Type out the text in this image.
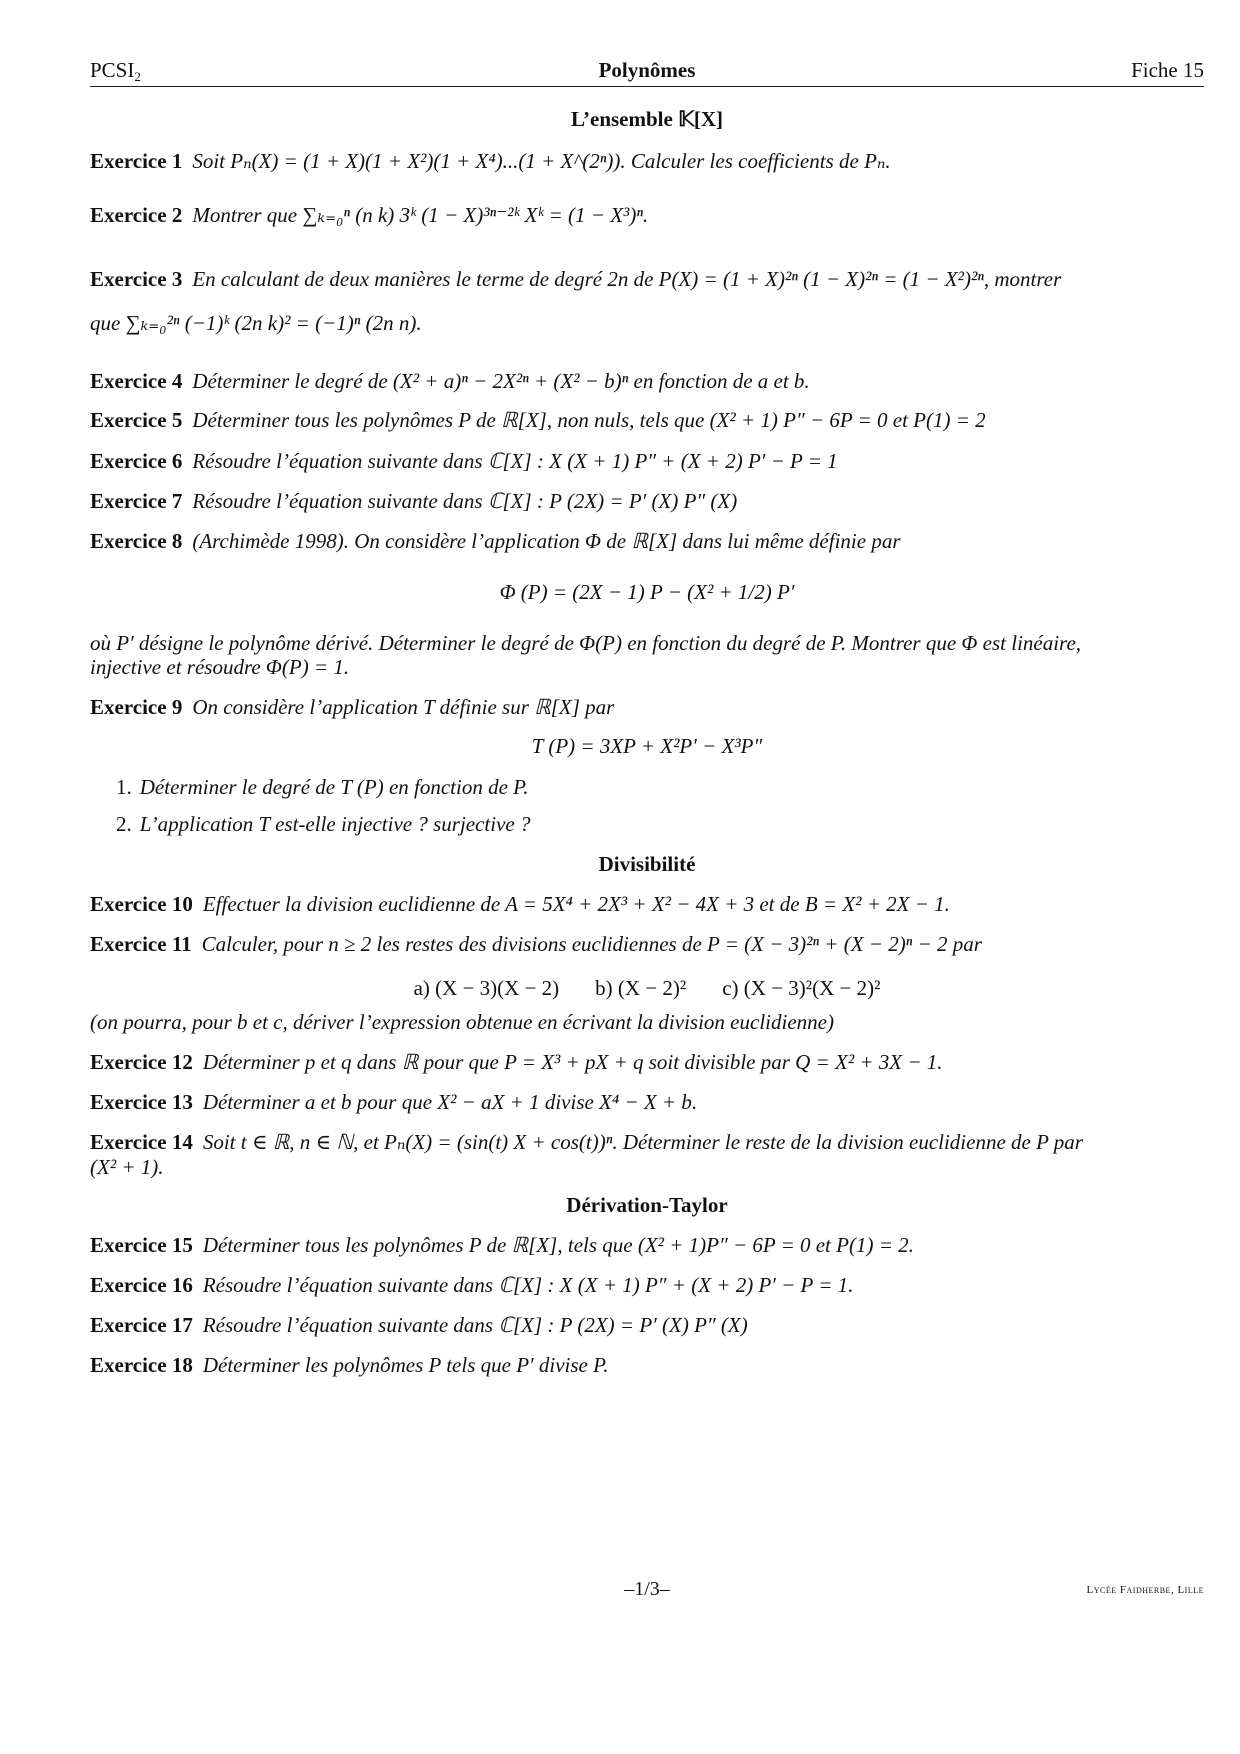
$PCSI_2$	Polynômes	Fiche 15
L’ensemble 𝕂[X]
Exercice 1 Soit Pₙ(X) = (1 + X)(1 + X²)(1 + X⁴)...(1 + X^(2ⁿ)). Calculer les coefficients de Pₙ.
Exercice 2 Montrer que ∑ₖ₌₀ⁿ (n k) 3ᵏ (1 − X)³ⁿ⁻²ᵏ Xᵏ = (1 − X³)ⁿ.
Exercice 3 En calculant de deux manières le terme de degré 2n de P(X) = (1 + X)²ⁿ (1 − X)²ⁿ = (1 − X²)²ⁿ, montrer
que ∑ₖ₌₀²ⁿ (−1)ᵏ (2n k)² = (−1)ⁿ (2n n).
Exercice 4 Déterminer le degré de (X² + a)ⁿ − 2X²ⁿ + (X² − b)ⁿ en fonction de a et b.
Exercice 5 Déterminer tous les polynômes P de ℝ[X], non nuls, tels que (X² + 1) P″ − 6P = 0 et P(1) = 2
Exercice 6 Résoudre l’équation suivante dans ℂ[X] : X (X + 1) P″ + (X + 2) P′ − P = 1
Exercice 7 Résoudre l’équation suivante dans ℂ[X] : P (2X) = P′ (X) P″ (X)
Exercice 8 (Archimède 1998). On considère l’application Φ de ℝ[X] dans lui même définie par
Φ (P) = (2X − 1) P − (X² + 1/2) P′
où P′ désigne le polynôme dérivé. Déterminer le degré de Φ(P) en fonction du degré de P. Montrer que Φ est linéaire,
injective et résoudre Φ(P) = 1.
Exercice 9 On considère l’application T définie sur ℝ[X] par
T (P) = 3XP + X²P′ − X³P″
1. Déterminer le degré de T (P) en fonction de P.
2. L’application T est-elle injective ? surjective ?
Divisibilité
Exercice 10 Effectuer la division euclidienne de A = 5X⁴ + 2X³ + X² − 4X + 3 et de B = X² + 2X − 1.
Exercice 11 Calculer, pour n ≥ 2 les restes des divisions euclidiennes de P = (X − 3)²ⁿ + (X − 2)ⁿ − 2 par
a) (X − 3)(X − 2) b) (X − 2)² c) (X − 3)²(X − 2)²
(on pourra, pour b et c, dériver l’expression obtenue en écrivant la division euclidienne)
Exercice 12 Déterminer p et q dans ℝ pour que P = X³ + pX + q soit divisible par Q = X² + 3X − 1.
Exercice 13 Déterminer a et b pour que X² − aX + 1 divise X⁴ − X + b.
Exercice 14 Soit t ∈ ℝ, n ∈ ℕ, et Pₙ(X) = (sin(t) X + cos(t))ⁿ. Déterminer le reste de la division euclidienne de P par
(X² + 1).
Dérivation-Taylor
Exercice 15 Déterminer tous les polynômes P de ℝ[X], tels que (X² + 1)P″ − 6P = 0 et P(1) = 2.
Exercice 16 Résoudre l’équation suivante dans ℂ[X] : X (X + 1) P″ + (X + 2) P′ − P = 1.
Exercice 17 Résoudre l’équation suivante dans ℂ[X] : P (2X) = P′ (X) P″ (X)
Exercice 18 Déterminer les polynômes P tels que P′ divise P.
–1/3–	Lycée Faidherbe, Lille
